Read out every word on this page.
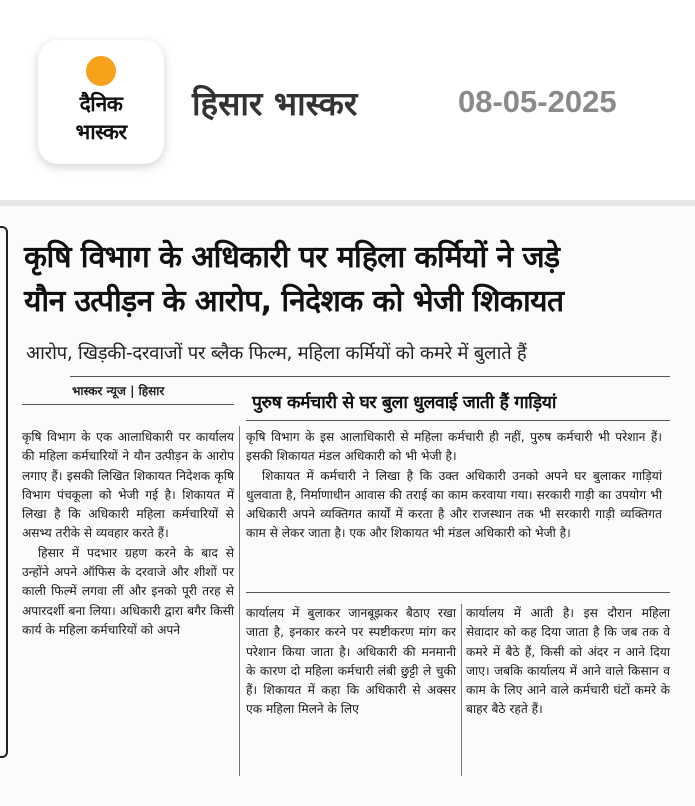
दैनिक
भास्कर
हिसार भास्कर	08-05-2025
कृषि विभाग के अधिकारी पर महिला कर्मियों ने जड़े
यौन उत्पीड़न के आरोप, निदेशक को भेजी शिकायत
आरोप, खिड़की-दरवाजों पर ब्लैक फिल्म, महिला कर्मियों को कमरे में बुलाते हैं
भास्कर न्यूज | हिसार
पुरुष कर्मचारी से घर बुला धुलवाई जाती हैं गाड़ियां

कृषि विभाग के एक आलाधिकारी पर कार्यालय की महिला कर्मचारियों ने यौन उत्पीड़न के आरोप लगाए हैं। इसकी लिखित शिकायत निदेशक कृषि विभाग पंचकूला को भेजी गई है। शिकायत में लिखा है कि अधिकारी महिला कर्मचारियों से असभ्य तरीके से व्यवहार करते हैं।

हिसार में पदभार ग्रहण करने के बाद से उन्होंने अपने ऑफिस के दरवाजे और शीशों पर काली फिल्में लगवा लीं और इनको पूरी तरह से अपारदर्शी बना लिया। अधिकारी द्वारा बगैर किसी कार्य के महिला कर्मचारियों को अपने

कृषि विभाग के इस आलाधिकारी से महिला कर्मचारी ही नहीं, पुरुष कर्मचारी भी परेशान हैं। इसकी शिकायत मंडल अधिकारी को भी भेजी है।

शिकायत में कर्मचारी ने लिखा है कि उक्त अधिकारी उनको अपने घर बुलाकर गाड़ियां धुलवाता है, निर्माणाधीन आवास की तराई का काम करवाया गया। सरकारी गाड़ी का उपयोग भी अधिकारी अपने व्यक्तिगत कार्यों में करता है और राजस्थान तक भी सरकारी गाड़ी व्यक्तिगत काम से लेकर जाता है। एक और शिकायत भी मंडल अधिकारी को भेजी है।

कार्यालय में बुलाकर जानबूझकर बैठाए रखा जाता है, इनकार करने पर स्पष्टीकरण मांग कर परेशान किया जाता है। अधिकारी की मनमानी के कारण दो महिला कर्मचारी लंबी छुट्टी ले चुकी हैं। शिकायत में कहा कि अधिकारी से अक्सर एक महिला मिलने के लिए

कार्यालय में आती है। इस दौरान महिला सेवादार को कह दिया जाता है कि जब तक वे कमरे में बैठे हैं, किसी को अंदर न आने दिया जाए। जबकि कार्यालय में आने वाले किसान व काम के लिए आने वाले कर्मचारी घंटों कमरे के बाहर बैठे रहते हैं।
